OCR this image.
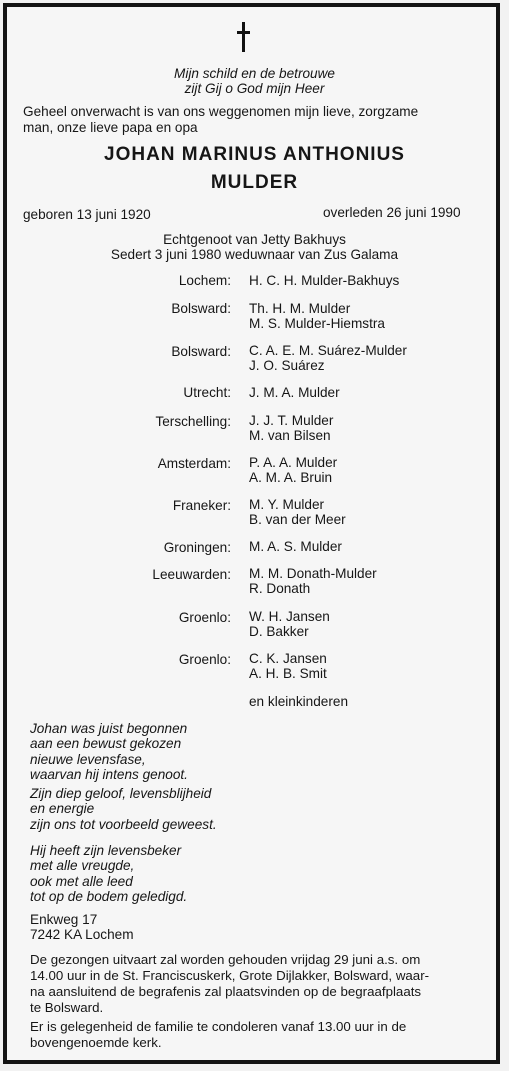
Mijn schild en de betrouwe
zijt Gij o God mijn Heer
Geheel onverwacht is van ons weggenomen mijn lieve, zorgzame
man, onze lieve papa en opa
JOHAN MARINUS ANTHONIUS
MULDER
geboren 13 juni 1920	overleden 26 juni 1990
Echtgenoot van Jetty Bakhuys
Sedert 3 juni 1980 weduwnaar van Zus Galama
Lochem: H. C. H. Mulder-Bakhuys
Bolsward: Th. H. M. Mulder
M. S. Mulder-Hiemstra
Bolsward: C. A. E. M. Suárez-Mulder
J. O. Suárez
Utrecht: J. M. A. Mulder
Terschelling: J. J. T. Mulder
M. van Bilsen
Amsterdam: P. A. A. Mulder
A. M. A. Bruin
Franeker: M. Y. Mulder
B. van der Meer
Groningen: M. A. S. Mulder
Leeuwarden: M. M. Donath-Mulder
R. Donath
Groenlo: W. H. Jansen
D. Bakker
Groenlo: C. K. Jansen
A. H. B. Smit
en kleinkinderen
Johan was juist begonnen
aan een bewust gekozen
nieuwe levensfase,
waarvan hij intens genoot.
Zijn diep geloof, levensblijheid
en energie
zijn ons tot voorbeeld geweest.
Hij heeft zijn levensbeker
met alle vreugde,
ook met alle leed
tot op de bodem geledigd.
Enkweg 17
7242 KA Lochem
De gezongen uitvaart zal worden gehouden vrijdag 29 juni a.s. om
14.00 uur in de St. Franciscuskerk, Grote Dijlakker, Bolsward, waar-
na aansluitend de begrafenis zal plaatsvinden op de begraafplaats
te Bolsward.
Er is gelegenheid de familie te condoleren vanaf 13.00 uur in de
bovengenoemde kerk.
